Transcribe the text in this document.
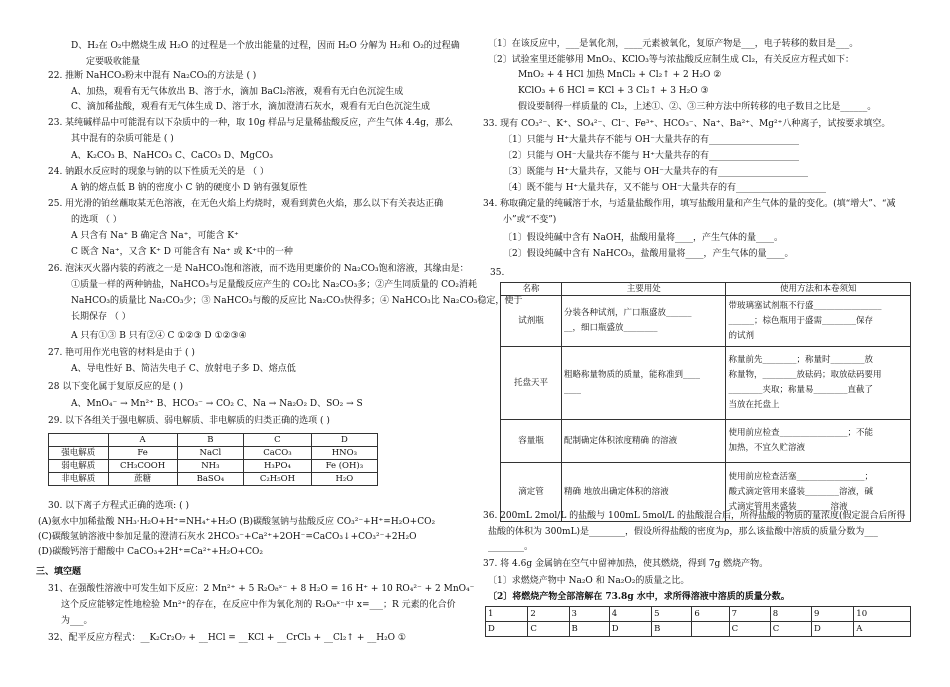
D、H₂在 O₂中燃烧生成 H₂O 的过程是一个放出能量的过程，因而 H₂O 分解为 H₂和 O₂的过程确
定要吸收能量
22. 推断 NaHCO₃粉末中混有 Na₂CO₃的方法是 ( )
A、加热，观看有无气体放出 B、溶于水，滴加 BaCl₂溶液，观看有无白色沉淀生成
C、滴加稀盐酸，观看有无气体生成 D、溶于水，滴加澄清石灰水，观看有无白色沉淀生成
23. 某纯碱样品中可能混有以下杂质中的一种，取 10g 样品与足量稀盐酸反应，产生气体 4.4g，那么
其中混有的杂质可能是 ( )
A、K₂CO₃ B、NaHCO₃ C、CaCO₃ D、MgCO₃
24. 钠跟水反应时的现象与钠的以下性质无关的是 （ ）
A 钠的熔点低 B 钠的密度小 C 钠的硬度小 D 钠有强复原性
25. 用光滑的铂丝蘸取某无色溶液，在无色火焰上灼烧时，观看到黄色火焰，那么以下有关表达正确
的选项 （ ）
A 只含有 Na⁺ B 确定含 Na⁺，可能含 K⁺
C 既含 Na⁺，又含 K⁺ D 可能含有 Na⁺ 或 K⁺中的一种
26. 泡沫灭火器内装的药液之一是 NaHCO₃饱和溶液，而不选用更廉价的 Na₂CO₃饱和溶液，其缘由是：
①质量一样的两种钠盐，NaHCO₃与足量酸反应产生的 CO₂比 Na₂CO₃多；②产生同质量的 CO₂消耗
NaHCO₃的质量比 Na₂CO₃少；③ NaHCO₃与酸的反应比 Na₂CO₃快得多；④ NaHCO₃比 Na₂CO₃稳定，便于
长期保存 （ ）
A 只有①③ B 只有②④ C ①②③ D ①②③④
27. 艳可用作光电管的材料是由于 ( )
A、导电性好 B、简洁失电子 C、放射电子多 D、熔点低
28 以下变化属于复原反应的是 ( )
A、MnO₄⁻ → Mn²⁺ B、HCO₃⁻ → CO₂ C、Na → Na₂O₂ D、SO₂ → S
29. 以下各组关于强电解质、弱电解质、非电解质的归类正确的选项 ( )
	A	B	C	D
强电解质	Fe	NaCl	CaCO₃	HNO₃
弱电解质	CH₃COOH	NH₃	H₃PO₄	Fe (OH)₃
非电解质	蔗糖	BaSO₄	C₂H₅OH	H₂O
30. 以下离子方程式正确的选项: ( )
(A)氨水中加稀盐酸 NH₃·H₂O+H⁺=NH₄⁺+H₂O (B)碳酸氢钠与盐酸反应 CO₃²⁻+H⁺=H₂O+CO₂
(C)碳酸氢钠溶液中参加足量的澄清石灰水 2HCO₃⁻+Ca²⁺+2OH⁻=CaCO₃↓+CO₃²⁻+2H₂O
(D)碳酸钙溶于醋酸中 CaCO₃+2H⁺=Ca²⁺+H₂O+CO₂
三、填空题
31、在强酸性溶液中可发生如下反应：2 Mn²⁺ + 5 R₂O₈ˣ⁻ + 8 H₂O = 16 H⁺ + 10 RO₄²⁻ + 2 MnO₄⁻
这个反应能够定性地检验 Mn²⁺的存在，在反应中作为氧化剂的 R₂O₈ˣ⁻中 x=___；R 元素的化合价
为___。
32、配平反应方程式：__K₂Cr₂O₇ + __HCl = __KCl + __CrCl₃ + __Cl₂↑ + __H₂O ①
〔1〕在该反应中，___是氧化剂，____元素被氧化，复原产物是___，电子转移的数目是___。
〔2〕试验室里还能够用 MnO₂、KClO₃等与浓盐酸反应制生成 Cl₂，有关反应方程式如下：
MnO₂ + 4 HCl 加热 MnCl₂ + Cl₂↑ + 2 H₂O ②
KClO₃ + 6 HCl = KCl + 3 Cl₂↑ + 3 H₂O ③
假设要制得一样质量的 Cl₂，上述①、②、③三种方法中所转移的电子数目之比是______。
33. 现有 CO₃²⁻、K⁺、SO₄²⁻、Cl⁻、Fe³⁺、HCO₃⁻、Na⁺、Ba²⁺、Mg²⁺八种离子，试按要求填空。
〔1〕只能与 H⁺大量共存不能与 OH⁻大量共存的有____________________
〔2〕只能与 OH⁻大量共存不能与 H⁺大量共存的有____________________
〔3〕既能与 H⁺大量共存，又能与 OH⁻大量共存的有____________________
〔4〕既不能与 H⁺大量共存，又不能与 OH⁻大量共存的有____________________
34. 称取确定量的纯碱溶于水，与适量盐酸作用，填写盐酸用量和产生气体的量的变化。(填“增大”、“减
小”或“不变”)
〔1〕假设纯碱中含有 NaOH，盐酸用量将____，产生气体的量____。
〔2〕假设纯碱中含有 NaHCO₃，盐酸用量将____，产生气体的量____。
35.
名称	主要用处	使用方法和本卷须知
试剂瓶	分装各种试剂，广口瓶盛放______
__，细口瓶盛放________	带玻璃塞试剂瓶不行盛________________
______；棕色瓶用于盛需________保存
的试剂
托盘天平	粗略称量物质的质量，能称准到____
____	称量前先________；称量时________放
称量物，________放砝码；取放砝码要用
________夹取；称量易________直截了
当放在托盘上
容量瓶	配制确定体积浓度精确 的溶液	使用前应检查________________；不能
加热，不宜久贮溶液
滴定管	精确 地放出确定体积的溶液	使用前应检查活塞________________；
酸式滴定管用来盛装________溶液，碱
式滴定管用来盛装________溶液
36. 200mL 2mol/L 的盐酸与 100mL 5mol/L 的盐酸混合后，所得盐酸的物质的量浓度(假定混合后所得
盐酸的体积为 300mL)是________，假设所得盐酸的密度为ρ，那么该盐酸中溶质的质量分数为___
________。
37. 将 4.6g 金属钠在空气中留神加热，使其燃烧，得到 7g 燃烧产物。
〔1〕求燃烧产物中 Na₂O 和 Na₂O₂的质量之比。
〔2〕将燃烧产物全部溶解在 73.8g 水中，求所得溶液中溶质的质量分数。
1	2	3	4	5	6	7	8	9	10
D	C	B	D	B		C	C	D	A
